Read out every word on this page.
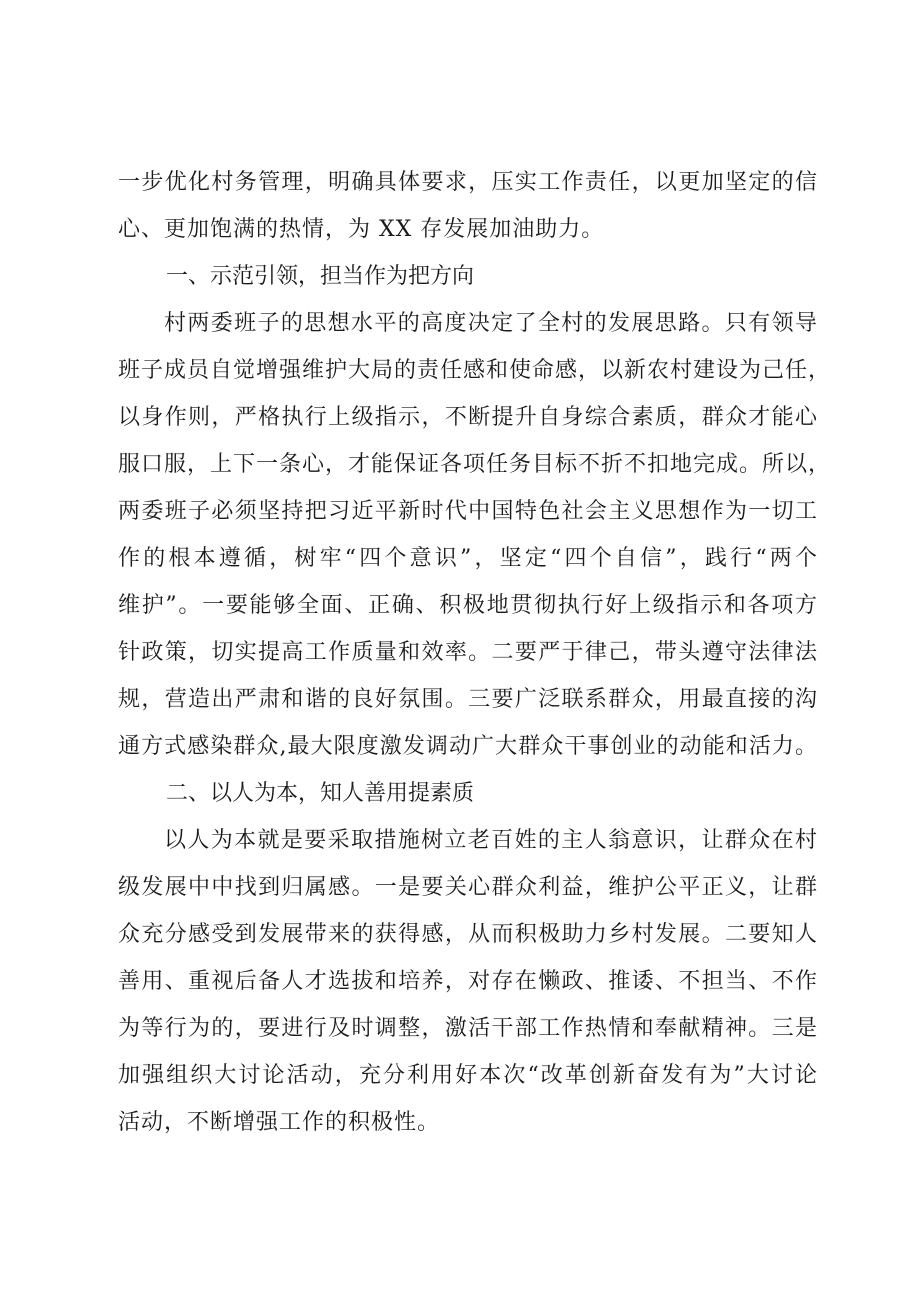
一步优化村务管理，明确具体要求，压实工作责任，以更加坚定的信
心、更加饱满的热情，为 XX 存发展加油助力。
一、示范引领，担当作为把方向
村两委班子的思想水平的高度决定了全村的发展思路。只有领导
班子成员自觉增强维护大局的责任感和使命感，以新农村建设为己任，
以身作则，严格执行上级指示，不断提升自身综合素质，群众才能心
服口服，上下一条心，才能保证各项任务目标不折不扣地完成。所以，
两委班子必须坚持把习近平新时代中国特色社会主义思想作为一切工
作的根本遵循，树牢“四个意识”，坚定“四个自信”，践行“两个
维护”。一要能够全面、正确、积极地贯彻执行好上级指示和各项方
针政策，切实提高工作质量和效率。二要严于律己，带头遵守法律法
规，营造出严肃和谐的良好氛围。三要广泛联系群众，用最直接的沟
通方式感染群众,最大限度激发调动广大群众干事创业的动能和活力。
二、以人为本，知人善用提素质
以人为本就是要采取措施树立老百姓的主人翁意识，让群众在村
级发展中中找到归属感。一是要关心群众利益，维护公平正义，让群
众充分感受到发展带来的获得感，从而积极助力乡村发展。二要知人
善用、重视后备人才选拔和培养，对存在懒政、推诿、不担当、不作
为等行为的，要进行及时调整，激活干部工作热情和奉献精神。三是
加强组织大讨论活动，充分利用好本次“改革创新奋发有为”大讨论
活动，不断增强工作的积极性。
